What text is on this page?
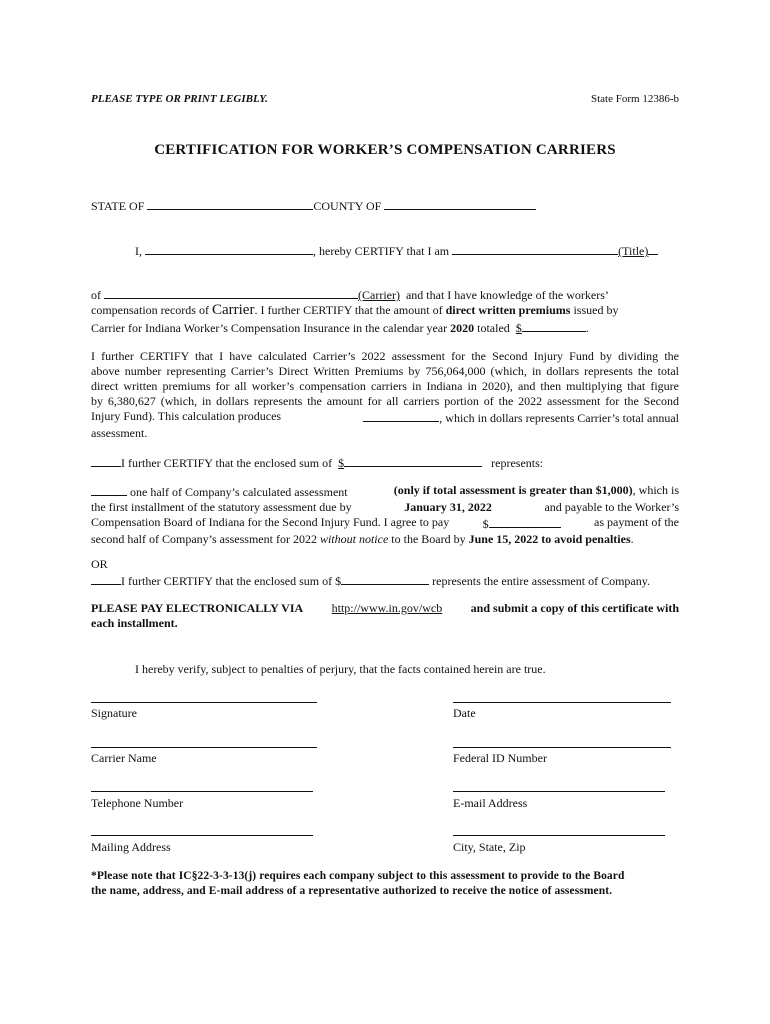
PLEASE TYPE OR PRINT LEGIBLY.	State Form 12386-b
CERTIFICATION FOR WORKER’S COMPENSATION CARRIERS
STATE OF	COUNTY OF
I,	, hereby CERTIFY that I am	(Title)
of	(Carrier) and that I have knowledge of the workers’
compensation records of Carrier. I further CERTIFY that the amount of direct written premiums issued by
Carrier for Indiana Worker’s Compensation Insurance in the calendar year 2020 totaled $	.
I further CERTIFY that I have calculated Carrier’s 2022 assessment for the Second Injury Fund by dividing the
above number representing Carrier’s Direct Written Premiums by 756,064,000 (which, in dollars represents the total
direct written premiums for all worker’s compensation carriers in Indiana in 2020), and then multiplying that figure
by 6,380,627 (which, in dollars represents the amount for all carriers portion of the 2022 assessment for the Second
Injury Fund). This calculation produces	, which in dollars represents Carrier’s total annual
assessment.
I further CERTIFY that the enclosed sum of $	represents:
one half of Company’s calculated assessment	(only if total assessment is greater than $1,000), which is
the first installment of the statutory assessment due by	January 31, 2022	and payable to the Worker’s
Compensation Board of Indiana for the Second Injury Fund. I agree to pay	$	as payment of the
second half of Company’s assessment for 2022 without notice to the Board by June 15, 2022 to avoid penalties.
OR
I further CERTIFY that the enclosed sum of $	represents the entire assessment of Company.
PLEASE PAY ELECTRONICALLY VIA http://www.in.gov/wcb and submit a copy of this certificate with
each installment.
I hereby verify, subject to penalties of perjury, that the facts contained herein are true.
Signature	Date
Carrier Name	Federal ID Number
Telephone Number	E-mail Address
Mailing Address	City, State, Zip
*Please note that IC§22-3-3-13(j) requires each company subject to this assessment to provide to the Board
the name, address, and E-mail address of a representative authorized to receive the notice of assessment.
